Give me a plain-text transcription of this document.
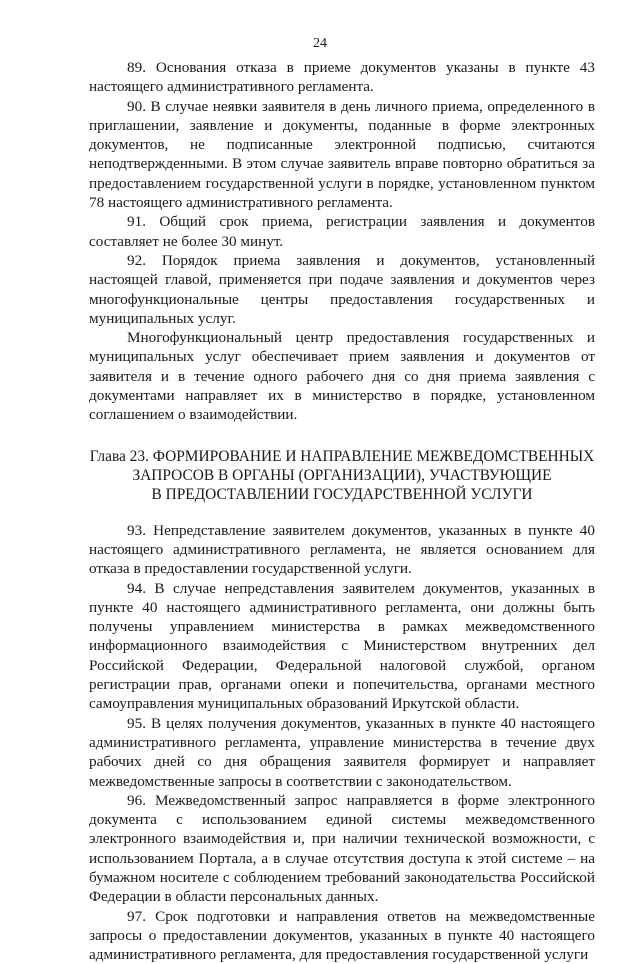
24

89. Основания отказа в приеме документов указаны в пункте 43 настоящего административного регламента.

90. В случае неявки заявителя в день личного приема, определенного в приглашении, заявление и документы, поданные в форме электронных документов, не подписанные электронной подписью, считаются неподтвержденными. В этом случае заявитель вправе повторно обратиться за предоставлением государственной услуги в порядке, установленном пунктом 78 настоящего административного регламента.

91. Общий срок приема, регистрации заявления и документов составляет не более 30 минут.

92. Порядок приема заявления и документов, установленный настоящей главой, применяется при подаче заявления и документов через многофункциональные центры предоставления государственных и муниципальных услуг.

Многофункциональный центр предоставления государственных и муниципальных услуг обеспечивает прием заявления и документов от заявителя и в течение одного рабочего дня со дня приема заявления с документами направляет их в министерство в порядке, установленном соглашением о взаимодействии.

Глава 23. ФОРМИРОВАНИЕ И НАПРАВЛЕНИЕ МЕЖВЕДОМСТВЕННЫХ
ЗАПРОСОВ В ОРГАНЫ (ОРГАНИЗАЦИИ), УЧАСТВУЮЩИЕ
В ПРЕДОСТАВЛЕНИИ ГОСУДАРСТВЕННОЙ УСЛУГИ

93. Непредставление заявителем документов, указанных в пункте 40 настоящего административного регламента, не является основанием для отказа в предоставлении государственной услуги.

94. В случае непредставления заявителем документов, указанных в пункте 40 настоящего административного регламента, они должны быть получены управлением министерства в рамках межведомственного информационного взаимодействия с Министерством внутренних дел Российской Федерации, Федеральной налоговой службой, органом регистрации прав, органами опеки и попечительства, органами местного самоуправления муниципальных образований Иркутской области.

95. В целях получения документов, указанных в пункте 40 настоящего административного регламента, управление министерства в течение двух рабочих дней со дня обращения заявителя формирует и направляет межведомственные запросы в соответствии с законодательством.

96. Межведомственный запрос направляется в форме электронного документа с использованием единой системы межведомственного электронного взаимодействия и, при наличии технической возможности, с использованием Портала, а в случае отсутствия доступа к этой системе – на бумажном носителе с соблюдением требований законодательства Российской Федерации в области персональных данных.

97. Срок подготовки и направления ответов на межведомственные запросы о предоставлении документов, указанных в пункте 40 настоящего административного регламента, для предоставления государственной услуги
